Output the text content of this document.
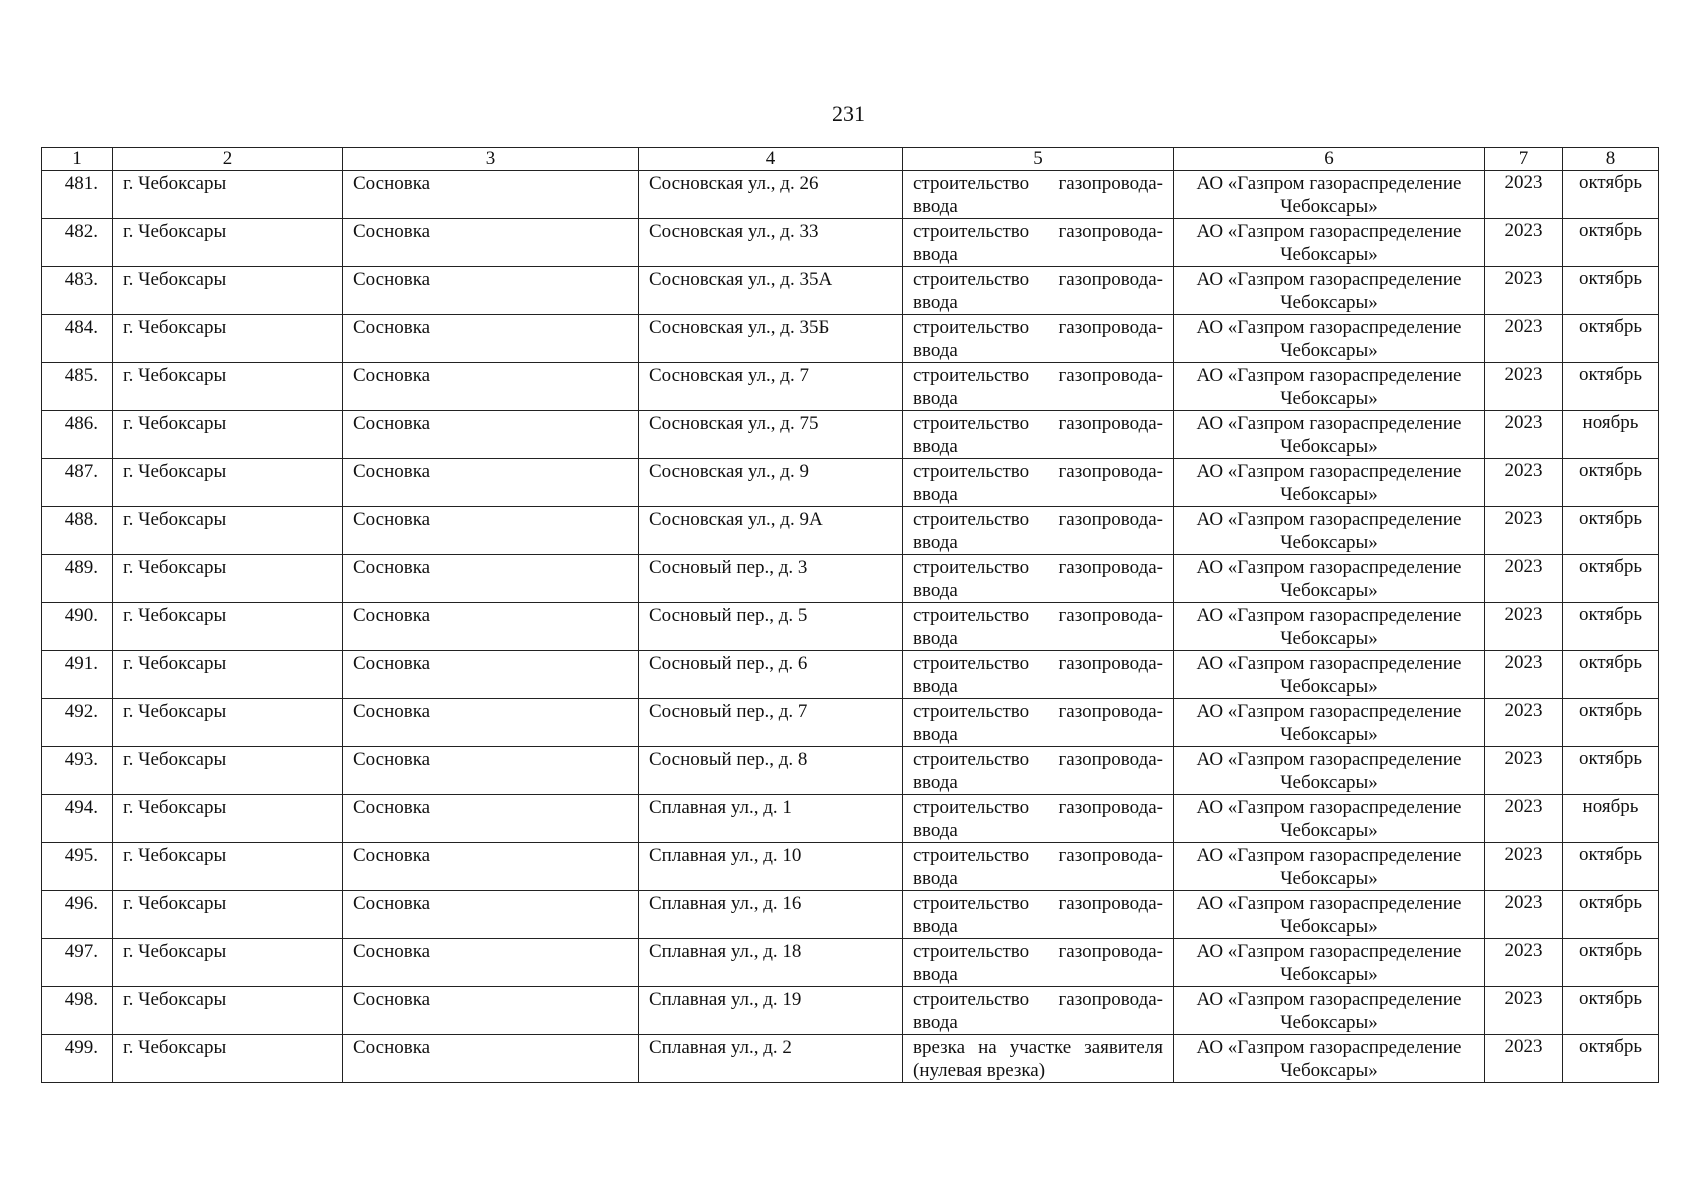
231
1	2	3	4	5	6	7	8
481.	г. Чебоксары	Сосновка	Сосновская ул., д. 26	строительство газопровода-ввода	АО «Газпром газораспределение Чебоксары»	2023	октябрь
482.	г. Чебоксары	Сосновка	Сосновская ул., д. 33	строительство газопровода-ввода	АО «Газпром газораспределение Чебоксары»	2023	октябрь
483.	г. Чебоксары	Сосновка	Сосновская ул., д. 35А	строительство газопровода-ввода	АО «Газпром газораспределение Чебоксары»	2023	октябрь
484.	г. Чебоксары	Сосновка	Сосновская ул., д. 35Б	строительство газопровода-ввода	АО «Газпром газораспределение Чебоксары»	2023	октябрь
485.	г. Чебоксары	Сосновка	Сосновская ул., д. 7	строительство газопровода-ввода	АО «Газпром газораспределение Чебоксары»	2023	октябрь
486.	г. Чебоксары	Сосновка	Сосновская ул., д. 75	строительство газопровода-ввода	АО «Газпром газораспределение Чебоксары»	2023	ноябрь
487.	г. Чебоксары	Сосновка	Сосновская ул., д. 9	строительство газопровода-ввода	АО «Газпром газораспределение Чебоксары»	2023	октябрь
488.	г. Чебоксары	Сосновка	Сосновская ул., д. 9А	строительство газопровода-ввода	АО «Газпром газораспределение Чебоксары»	2023	октябрь
489.	г. Чебоксары	Сосновка	Сосновый пер., д. 3	строительство газопровода-ввода	АО «Газпром газораспределение Чебоксары»	2023	октябрь
490.	г. Чебоксары	Сосновка	Сосновый пер., д. 5	строительство газопровода-ввода	АО «Газпром газораспределение Чебоксары»	2023	октябрь
491.	г. Чебоксары	Сосновка	Сосновый пер., д. 6	строительство газопровода-ввода	АО «Газпром газораспределение Чебоксары»	2023	октябрь
492.	г. Чебоксары	Сосновка	Сосновый пер., д. 7	строительство газопровода-ввода	АО «Газпром газораспределение Чебоксары»	2023	октябрь
493.	г. Чебоксары	Сосновка	Сосновый пер., д. 8	строительство газопровода-ввода	АО «Газпром газораспределение Чебоксары»	2023	октябрь
494.	г. Чебоксары	Сосновка	Сплавная ул., д. 1	строительство газопровода-ввода	АО «Газпром газораспределение Чебоксары»	2023	ноябрь
495.	г. Чебоксары	Сосновка	Сплавная ул., д. 10	строительство газопровода-ввода	АО «Газпром газораспределение Чебоксары»	2023	октябрь
496.	г. Чебоксары	Сосновка	Сплавная ул., д. 16	строительство газопровода-ввода	АО «Газпром газораспределение Чебоксары»	2023	октябрь
497.	г. Чебоксары	Сосновка	Сплавная ул., д. 18	строительство газопровода-ввода	АО «Газпром газораспределение Чебоксары»	2023	октябрь
498.	г. Чебоксары	Сосновка	Сплавная ул., д. 19	строительство газопровода-ввода	АО «Газпром газораспределение Чебоксары»	2023	октябрь
499.	г. Чебоксары	Сосновка	Сплавная ул., д. 2	врезка на участке заявителя (нулевая врезка)	АО «Газпром газораспределение Чебоксары»	2023	октябрь
